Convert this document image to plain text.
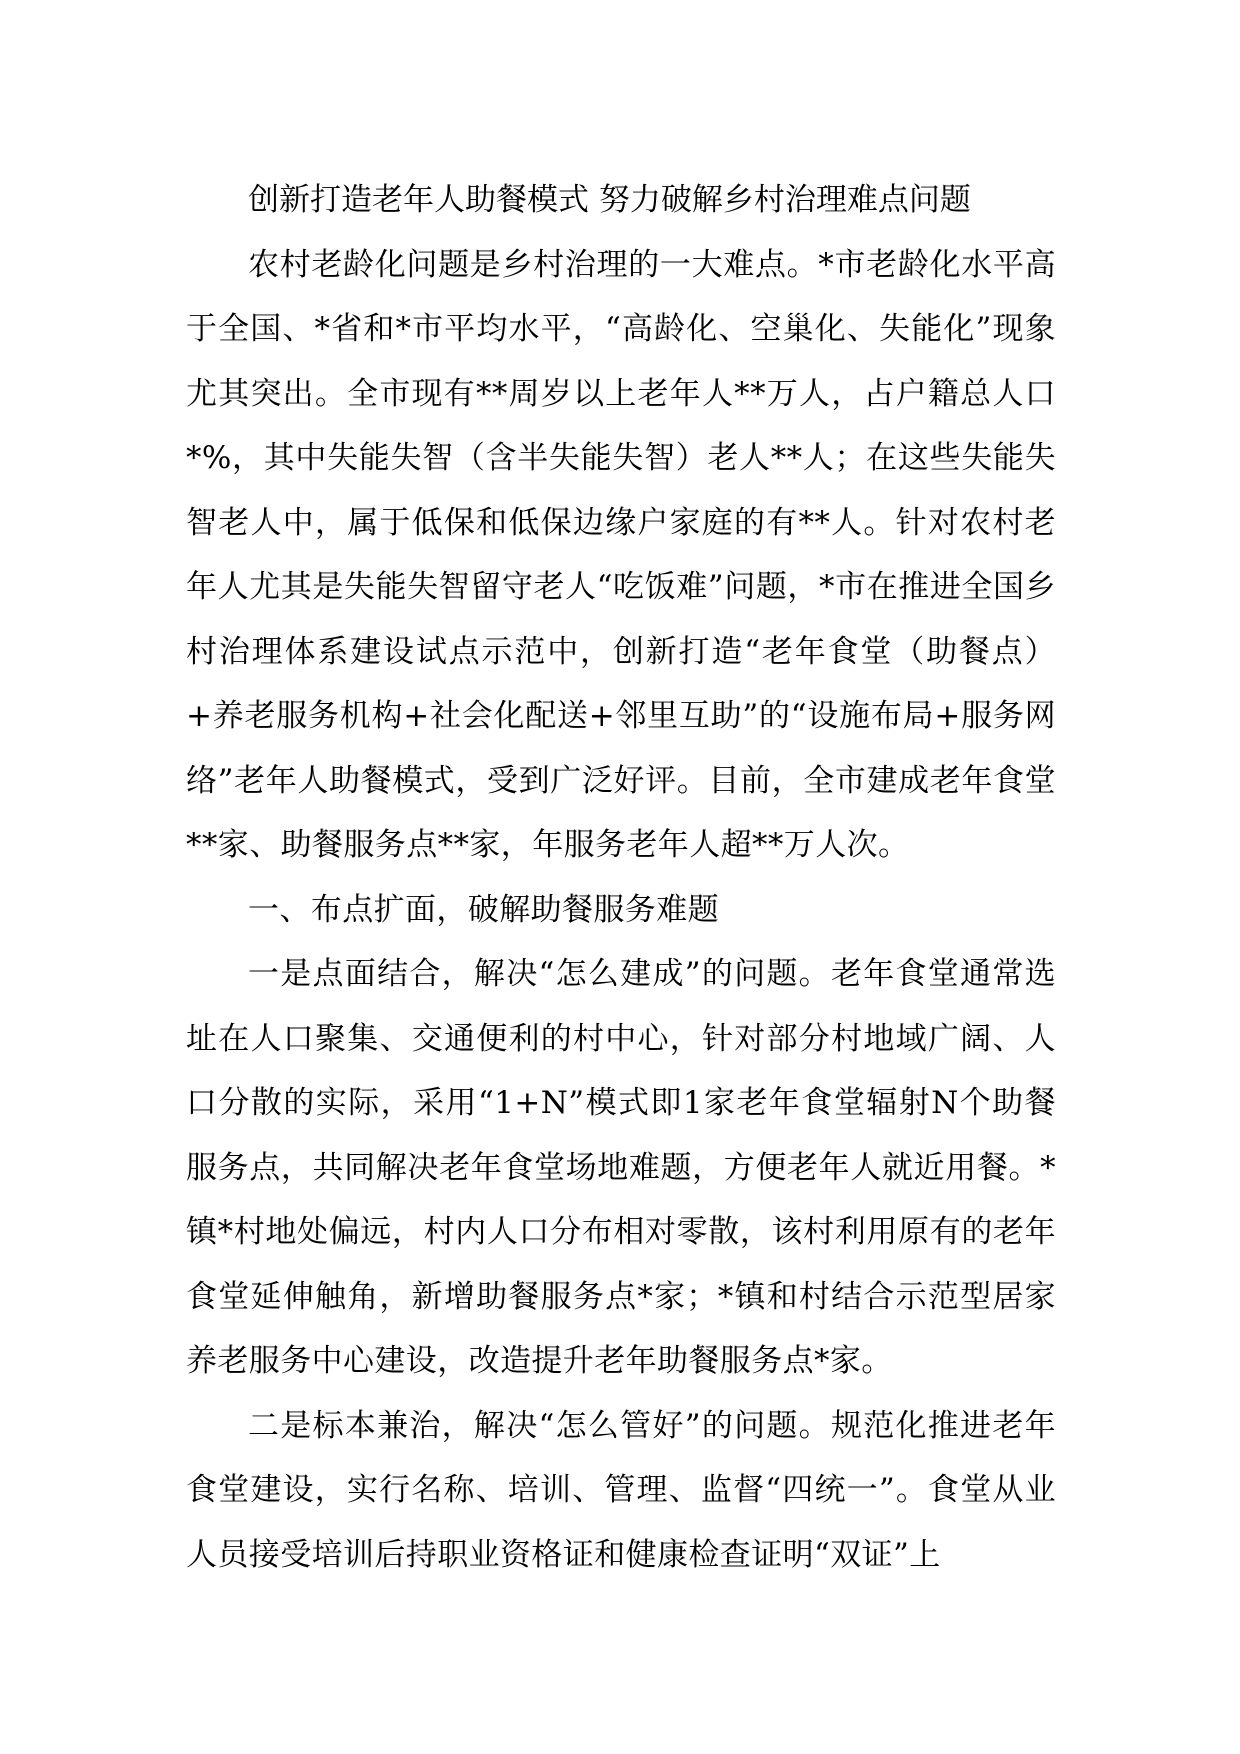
创新打造老年人助餐模式 努力破解乡村治理难点问题

农村老龄化问题是乡村治理的一大难点。*市老龄化水平高于全国、*省和*市平均水平，“高龄化、空巢化、失能化”现象尤其突出。全市现有**周岁以上老年人**万人，占户籍总人口*%，其中失能失智（含半失能失智）老人**人；在这些失能失智老人中，属于低保和低保边缘户家庭的有**人。针对农村老年人尤其是失能失智留守老人“吃饭难”问题，*市在推进全国乡村治理体系建设试点示范中，创新打造“老年食堂（助餐点）+养老服务机构+社会化配送+邻里互助”的“设施布局+服务网络”老年人助餐模式，受到广泛好评。目前，全市建成老年食堂**家、助餐服务点**家，年服务老年人超**万人次。

一、布点扩面，破解助餐服务难题

一是点面结合，解决“怎么建成”的问题。老年食堂通常选址在人口聚集、交通便利的村中心，针对部分村地域广阔、人口分散的实际，采用“1+N”模式即1家老年食堂辐射N个助餐服务点，共同解决老年食堂场地难题，方便老年人就近用餐。*镇*村地处偏远，村内人口分布相对零散，该村利用原有的老年食堂延伸触角，新增助餐服务点*家；*镇和村结合示范型居家养老服务中心建设，改造提升老年助餐服务点*家。

二是标本兼治，解决“怎么管好”的问题。规范化推进老年食堂建设，实行名称、培训、管理、监督“四统一”。食堂从业人员接受培训后持职业资格证和健康检查证明“双证”上
